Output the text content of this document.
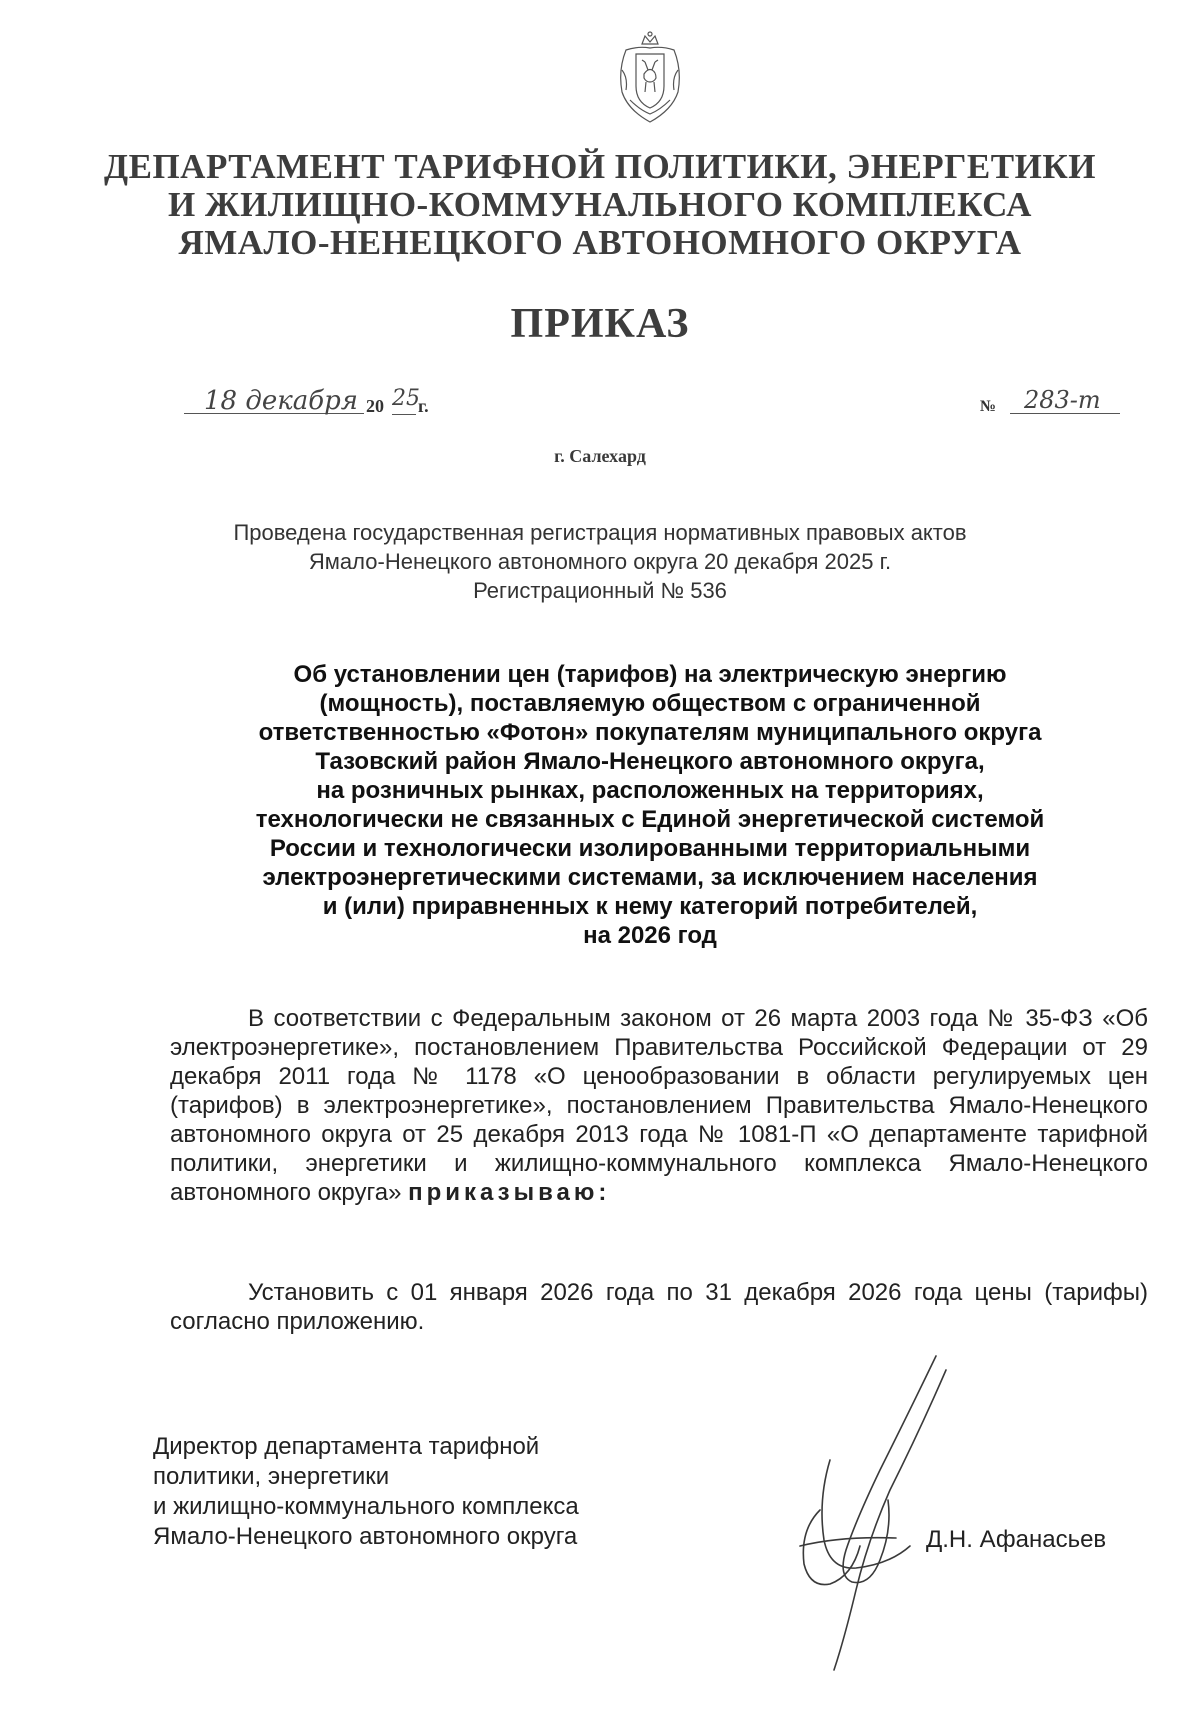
ДЕПАРТАМЕНТ ТАРИФНОЙ ПОЛИТИКИ, ЭНЕРГЕТИКИ
И ЖИЛИЩНО-КОММУНАЛЬНОГО КОМПЛЕКСА
ЯМАЛО-НЕНЕЦКОГО АВТОНОМНОГО ОКРУГА
ПРИКАЗ
18 декабря 20 25
г.	№	283-т
г. Салехард
Проведена государственная регистрация нормативных правовых актов
Ямало-Ненецкого автономного округа 20 декабря 2025 г.
Регистрационный № 536
Об установлении цен (тарифов) на электрическую энергию
(мощность), поставляемую обществом с ограниченной
ответственностью «Фотон» покупателям муниципального округа
Тазовский район Ямало-Ненецкого автономного округа,
на розничных рынках, расположенных на территориях,
технологически не связанных с Единой энергетической системой
России и технологически изолированными территориальными
электроэнергетическими системами, за исключением населения
и (или) приравненных к нему категорий потребителей,
на 2026 год
В соответствии с Федеральным законом от 26 марта 2003 года № 35-ФЗ «Об электроэнергетике», постановлением Правительства Российской Федерации от 29 декабря 2011 года № 1178 «О ценообразовании в области регулируемых цен (тарифов) в электроэнергетике», постановлением Правительства Ямало-Ненецкого автономного округа от 25 декабря 2013 года № 1081-П «О департаменте тарифной политики, энергетики и жилищно-коммунального комплекса Ямало-Ненецкого автономного округа» приказываю:
Установить с 01 января 2026 года по 31 декабря 2026 года цены (тарифы) согласно приложению.
Директор департамента тарифной
политики, энергетики
и жилищно-коммунального комплекса
Ямало-Ненецкого автономного округа	Д.Н. Афанасьев
